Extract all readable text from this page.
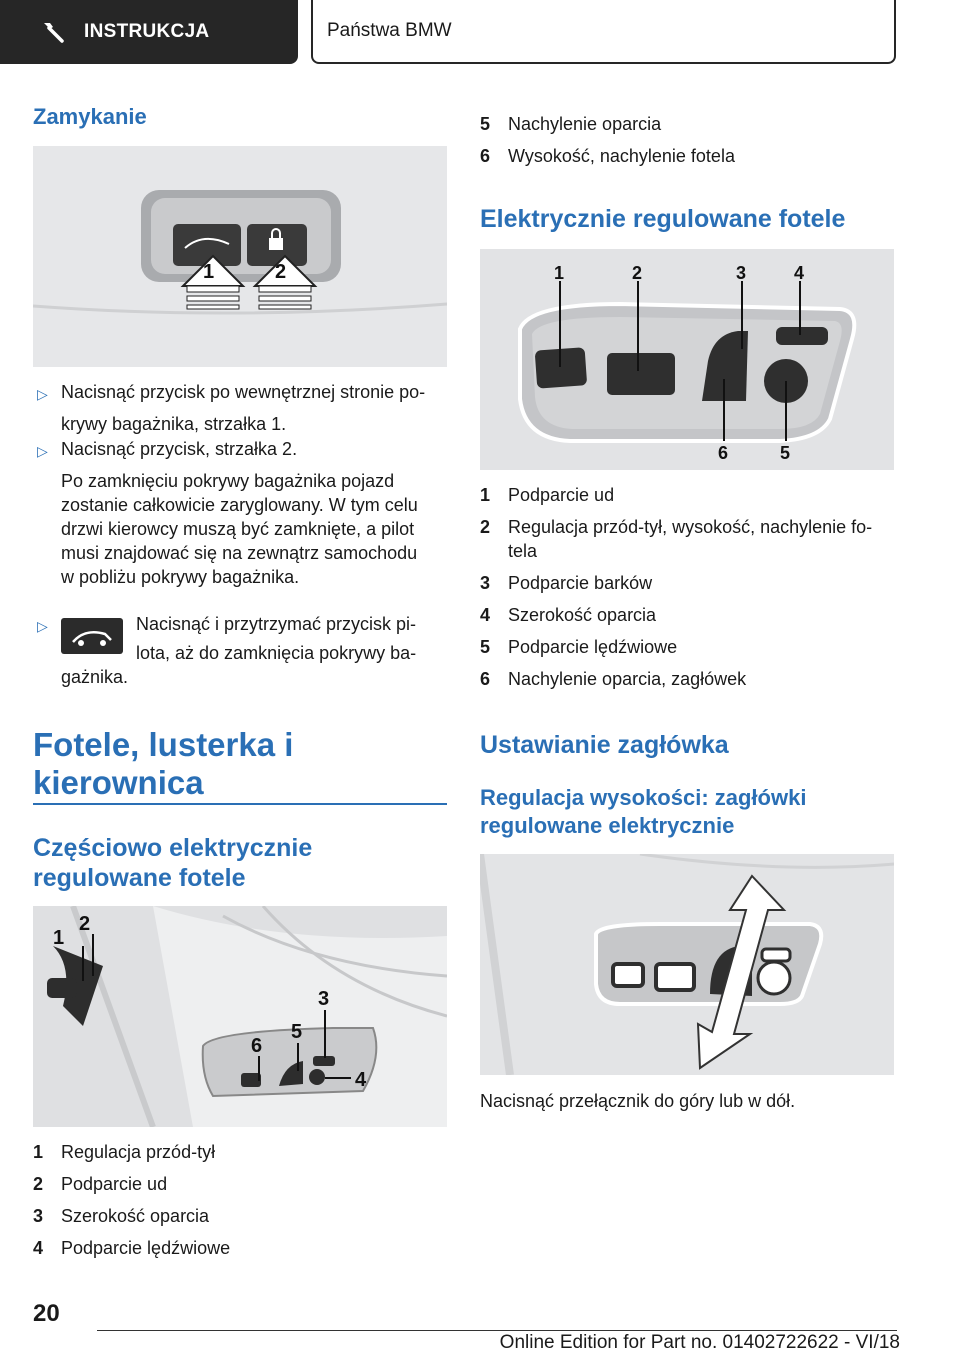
INSTRUKCJA	Państwa BMW
Zamykanie
1	2
▷ Nacisnąć przycisk po wewnętrznej stronie po-
krywy bagażnika, strzałka 1.
▷ Nacisnąć przycisk, strzałka 2.
Po zamknięciu pokrywy bagażnika pojazd
zostanie całkowicie zaryglowany. W tym celu
drzwi kierowcy muszą być zamknięte, a pilot
musi znajdować się na zewnątrz samochodu
w pobliżu pokrywy bagażnika.
▷	Nacisnąć i przytrzymać przycisk pi-
lota, aż do zamknięcia pokrywy ba-
gażnika.
Fotele, lusterka i
kierownica
Częściowo elektrycznie
regulowane fotele
1
2
3
4
5
6
1 Regulacja przód-tył
2 Podparcie ud
3 Szerokość oparcia
4 Podparcie lędźwiowe
5 Nachylenie oparcia
6 Wysokość, nachylenie fotela
Elektrycznie regulowane fotele
1	2	3	4
6	5
1 Podparcie ud
2 Regulacja przód-tył, wysokość, nachylenie fo-tela
3 Podparcie barków
4 Szerokość oparcia
5 Podparcie lędźwiowe
6 Nachylenie oparcia, zagłówek
Ustawianie zagłówka
Regulacja wysokości: zagłówki
regulowane elektrycznie
Nacisnąć przełącznik do góry lub w dół.
20
Online Edition for Part no. 01402722622 - VI/18
